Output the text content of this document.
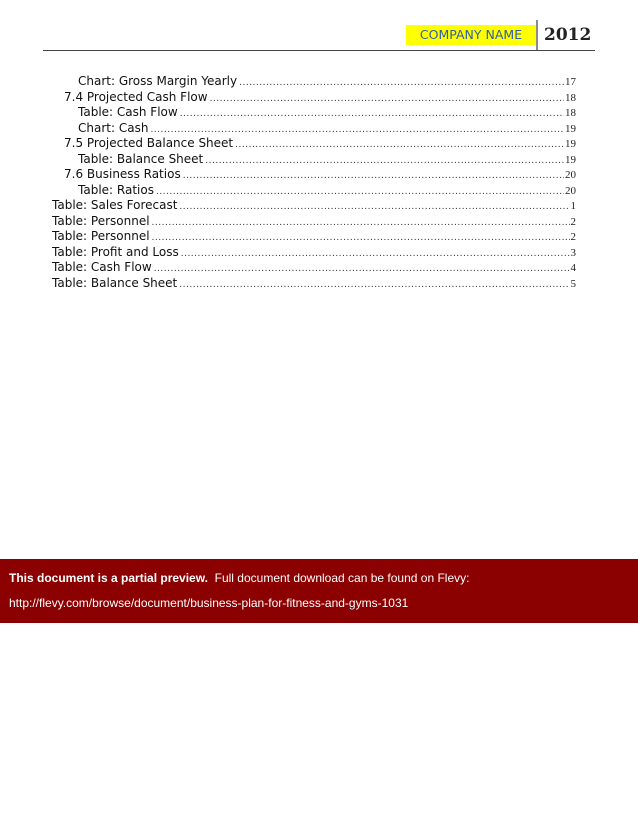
COMPANY NAME	2012
Chart: Gross Margin Yearly .....	17
7.4 Projected Cash Flow .....	18
Table: Cash Flow .....	18
Chart: Cash .....	19
7.5 Projected Balance Sheet .....	19
Table: Balance Sheet .....	19
7.6 Business Ratios .....	20
Table: Ratios .....	20
Table: Sales Forecast .....	1
Table: Personnel .....	2
Table: Personnel .....	2
Table: Profit and Loss .....	3
Table: Cash Flow .....	4
Table: Balance Sheet .....	5
This document is a partial preview. Full document download can be found on Flevy:
http://flevy.com/browse/document/business-plan-for-fitness-and-gyms-1031
